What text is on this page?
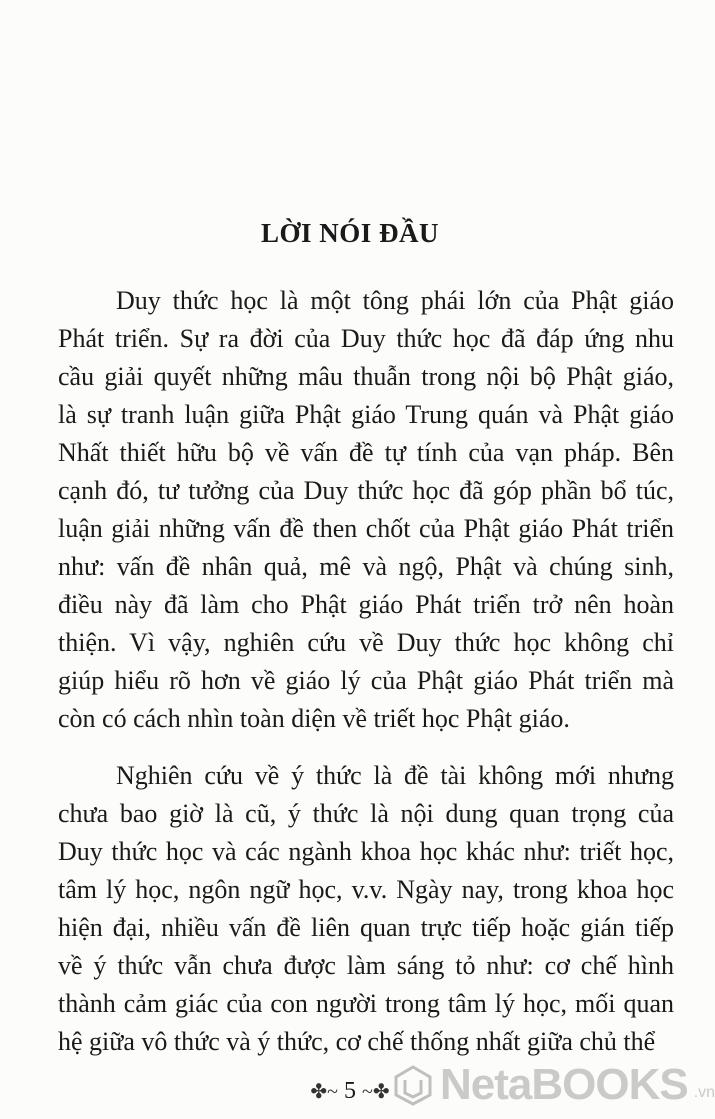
LỜI NÓI ĐẦU
Duy thức học là một tông phái lớn của Phật giáo
Phát triển. Sự ra đời của Duy thức học đã đáp ứng nhu
cầu giải quyết những mâu thuẫn trong nội bộ Phật giáo,
là sự tranh luận giữa Phật giáo Trung quán và Phật giáo
Nhất thiết hữu bộ về vấn đề tự tính của vạn pháp. Bên
cạnh đó, tư tưởng của Duy thức học đã góp phần bổ túc,
luận giải những vấn đề then chốt của Phật giáo Phát triển
như: vấn đề nhân quả, mê và ngộ, Phật và chúng sinh,
điều này đã làm cho Phật giáo Phát triển trở nên hoàn
thiện. Vì vậy, nghiên cứu về Duy thức học không chỉ
giúp hiểu rõ hơn về giáo lý của Phật giáo Phát triển mà
còn có cách nhìn toàn diện về triết học Phật giáo.
Nghiên cứu về ý thức là đề tài không mới nhưng
chưa bao giờ là cũ, ý thức là nội dung quan trọng của
Duy thức học và các ngành khoa học khác như: triết học,
tâm lý học, ngôn ngữ học, v.v. Ngày nay, trong khoa học
hiện đại, nhiều vấn đề liên quan trực tiếp hoặc gián tiếp
về ý thức vẫn chưa được làm sáng tỏ như: cơ chế hình
thành cảm giác của con người trong tâm lý học, mối quan
hệ giữa vô thức và ý thức, cơ chế thống nhất giữa chủ thể
✤~ 5 ~✤	NetaBOOKS .vn
